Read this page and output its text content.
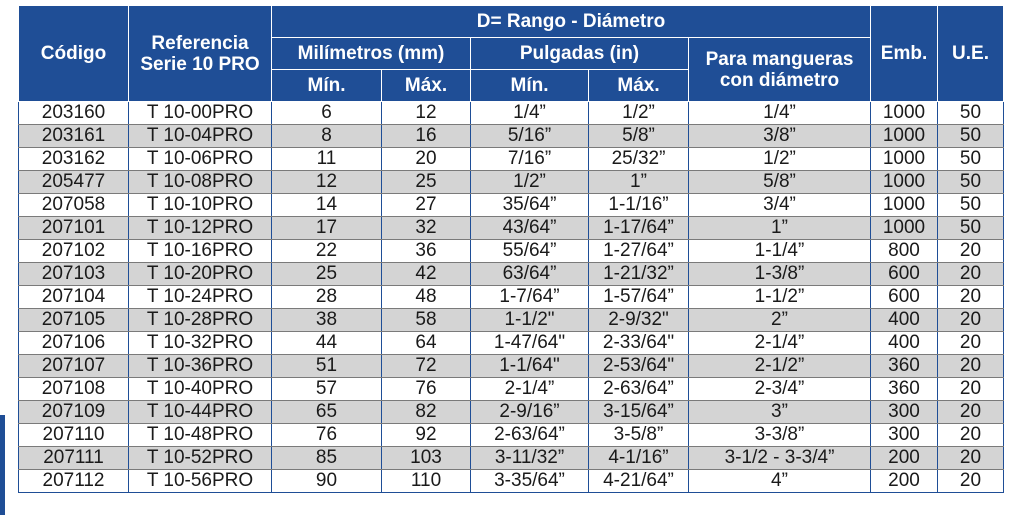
Código	Referencia Serie 10 PRO	D= Rango - Diámetro					Emb.	U.E.
		Milímetros (mm)		Pulgadas (in)		Para mangueras con diámetro		
		Mín.	Máx.	Mín.	Máx.			
203160	T 10-00PRO	6	12	1/4”	1/2”	1/4”	1000	50
203161	T 10-04PRO	8	16	5/16”	5/8”	3/8”	1000	50
203162	T 10-06PRO	11	20	7/16”	25/32”	1/2”	1000	50
205477	T 10-08PRO	12	25	1/2”	1”	5/8”	1000	50
207058	T 10-10PRO	14	27	35/64”	1-1/16”	3/4”	1000	50
207101	T 10-12PRO	17	32	43/64”	1-17/64”	1”	1000	50
207102	T 10-16PRO	22	36	55/64”	1-27/64”	1-1/4”	800	20
207103	T 10-20PRO	25	42	63/64”	1-21/32”	1-3/8”	600	20
207104	T 10-24PRO	28	48	1-7/64”	1-57/64”	1-1/2”	600	20
207105	T 10-28PRO	38	58	1-1/2"	2-9/32"	2”	400	20
207106	T 10-32PRO	44	64	1-47/64"	2-33/64"	2-1/4”	400	20
207107	T 10-36PRO	51	72	1-1/64"	2-53/64"	2-1/2”	360	20
207108	T 10-40PRO	57	76	2-1/4”	2-63/64”	2-3/4”	360	20
207109	T 10-44PRO	65	82	2-9/16”	3-15/64”	3”	300	20
207110	T 10-48PRO	76	92	2-63/64”	3-5/8”	3-3/8”	300	20
207111	T 10-52PRO	85	103	3-11/32”	4-1/16”	3-1/2 - 3-3/4”	200	20
207112	T 10-56PRO	90	110	3-35/64”	4-21/64”	4”	200	20
